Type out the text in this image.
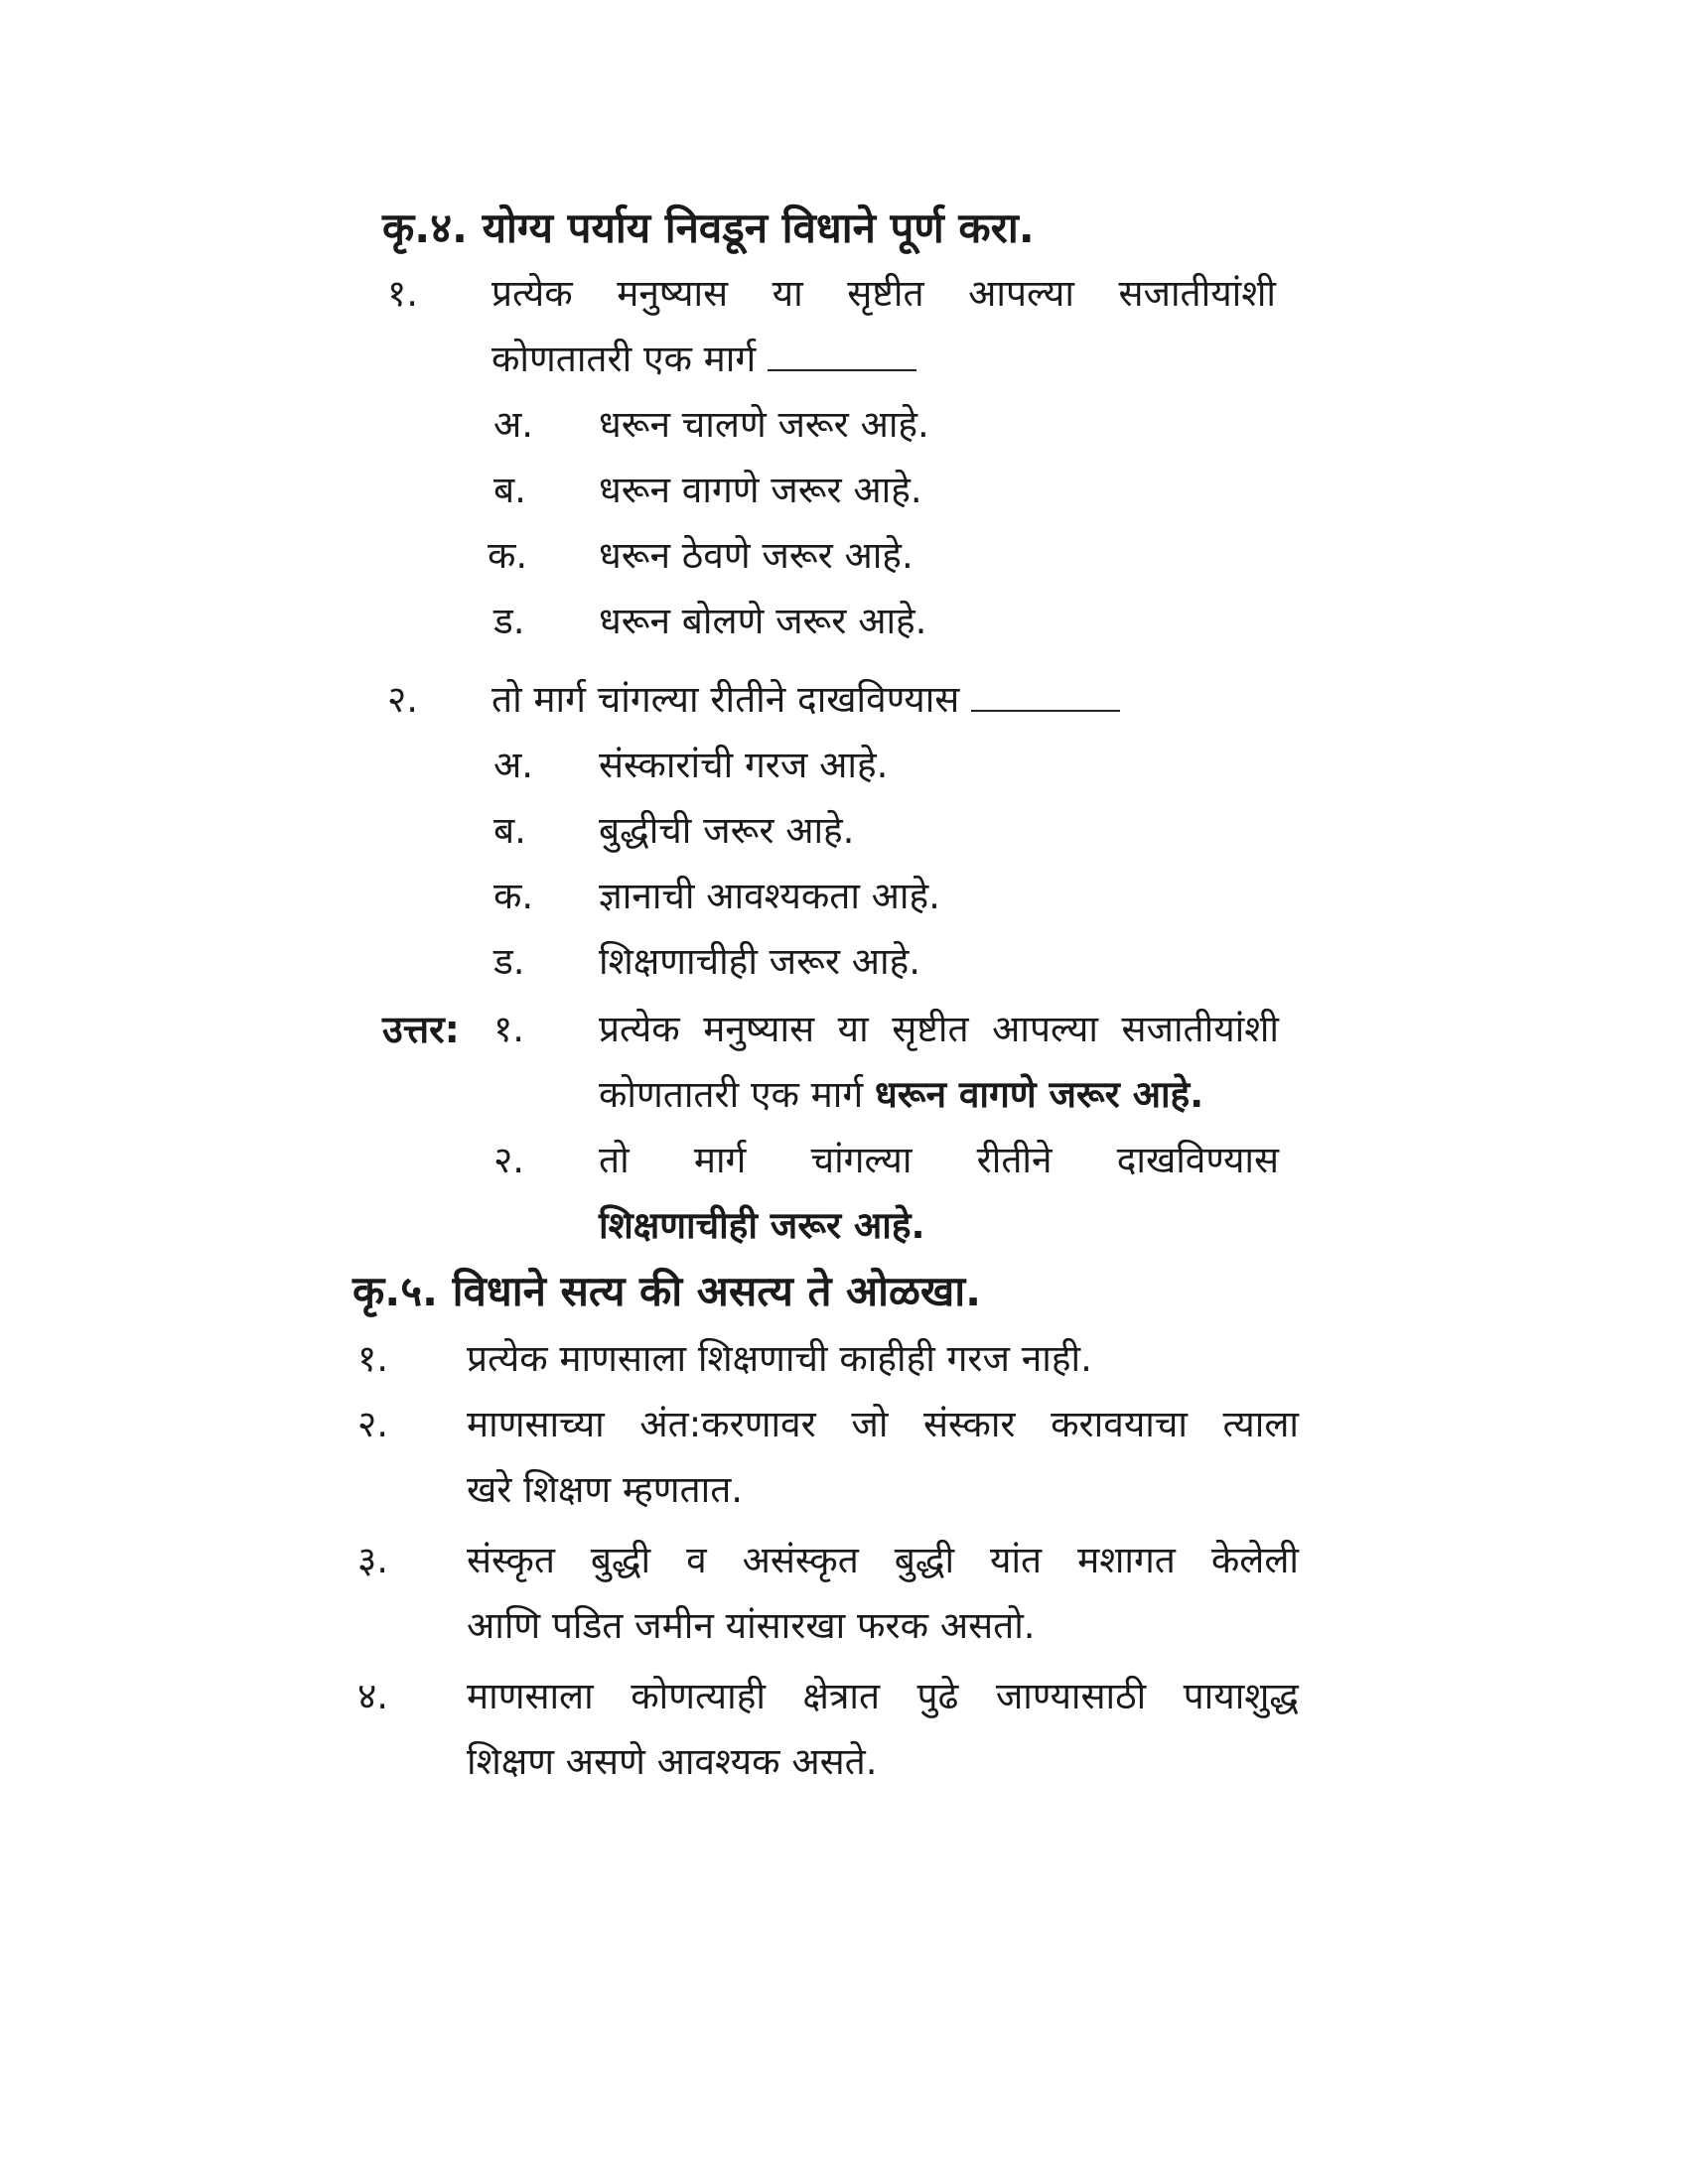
कृ.४. योग्य पर्याय निवडून विधाने पूर्ण करा.
१. प्रत्येक मनुष्यास या सृष्टीत आपल्या सजातीयांशी
कोणतातरी एक मार्ग
अ. धरून चालणे जरूर आहे.
ब. धरून वागणे जरूर आहे.
क. धरून ठेवणे जरूर आहे.
ड. धरून बोलणे जरूर आहे.
२. तो मार्ग चांगल्या रीतीने दाखविण्यास
अ. संस्कारांची गरज आहे.
ब. बुद्धीची जरूर आहे.
क. ज्ञानाची आवश्यकता आहे.
ड. शिक्षणाचीही जरूर आहे.
उत्तर: १. प्रत्येक मनुष्यास या सृष्टीत आपल्या सजातीयांशी
कोणतातरी एक मार्ग धरून वागणे जरूर आहे.
२. तो मार्ग चांगल्या रीतीने दाखविण्यास
शिक्षणाचीही जरूर आहे.
कृ.५. विधाने सत्य की असत्य ते ओळखा.
१. प्रत्येक माणसाला शिक्षणाची काहीही गरज नाही.
२. माणसाच्या अंत:करणावर जो संस्कार करावयाचा त्याला
खरे शिक्षण म्हणतात.
३. संस्कृत बुद्धी व असंस्कृत बुद्धी यांत मशागत केलेली
आणि पडित जमीन यांसारखा फरक असतो.
४. माणसाला कोणत्याही क्षेत्रात पुढे जाण्यासाठी पायाशुद्ध
शिक्षण असणे आवश्यक असते.
